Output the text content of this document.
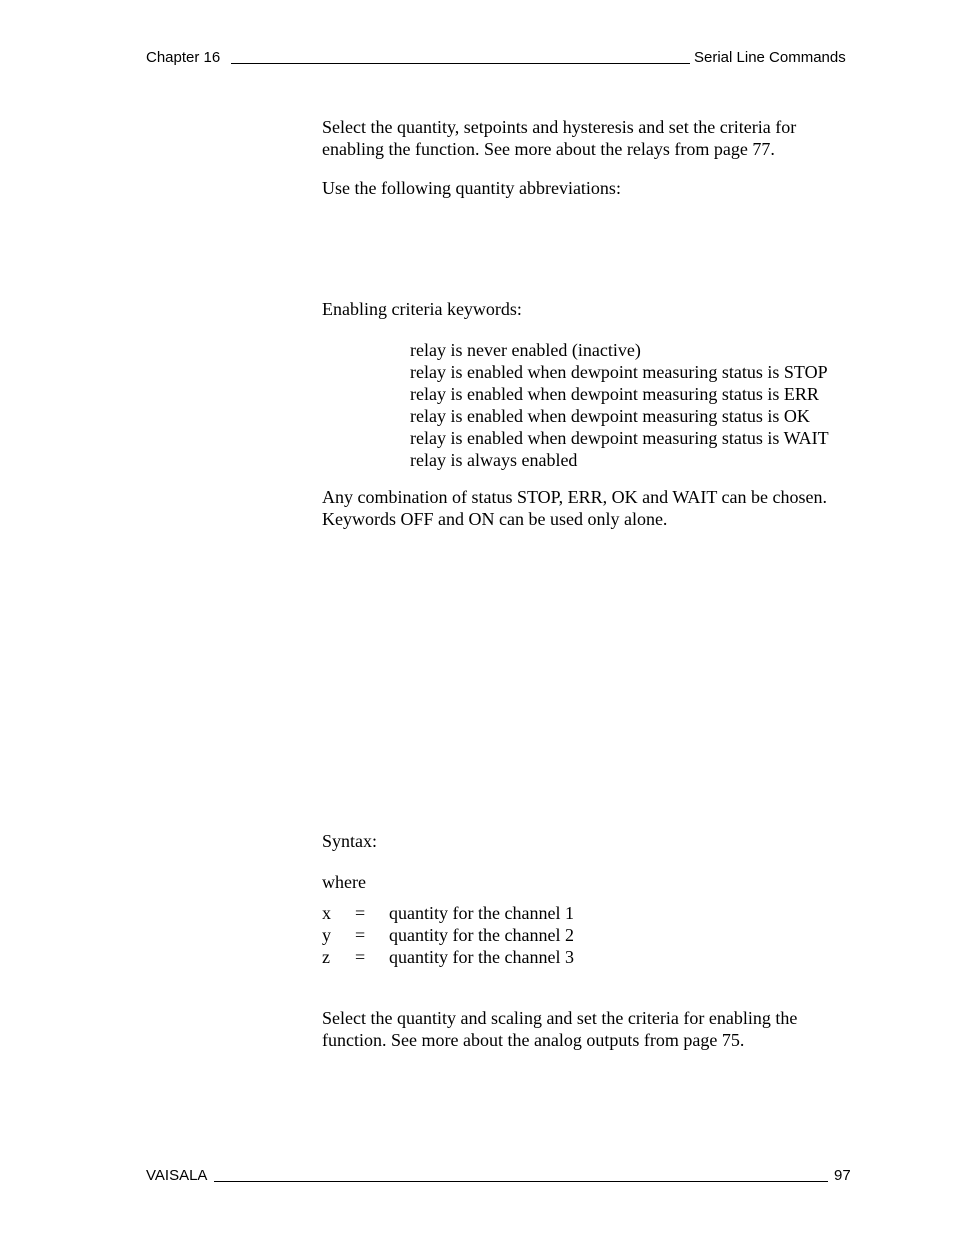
Chapter 16	Serial Line Commands

Select the quantity, setpoints and hysteresis and set the criteria for

enabling the function. See more about the relays from page 77.

Use the following quantity abbreviations:

Enabling criteria keywords:

relay is never enabled (inactive)
relay is enabled when dewpoint measuring status is STOP
relay is enabled when dewpoint measuring status is ERR
relay is enabled when dewpoint measuring status is OK
relay is enabled when dewpoint measuring status is WAIT
relay is always enabled

Any combination of status STOP, ERR, OK and WAIT can be chosen.

Keywords OFF and ON can be used only alone.

Syntax:

where

x = quantity for the channel 1
y = quantity for the channel 2
z = quantity for the channel 3

Select the quantity and scaling and set the criteria for enabling the

function. See more about the analog outputs from page 75.

VAISALA	97
